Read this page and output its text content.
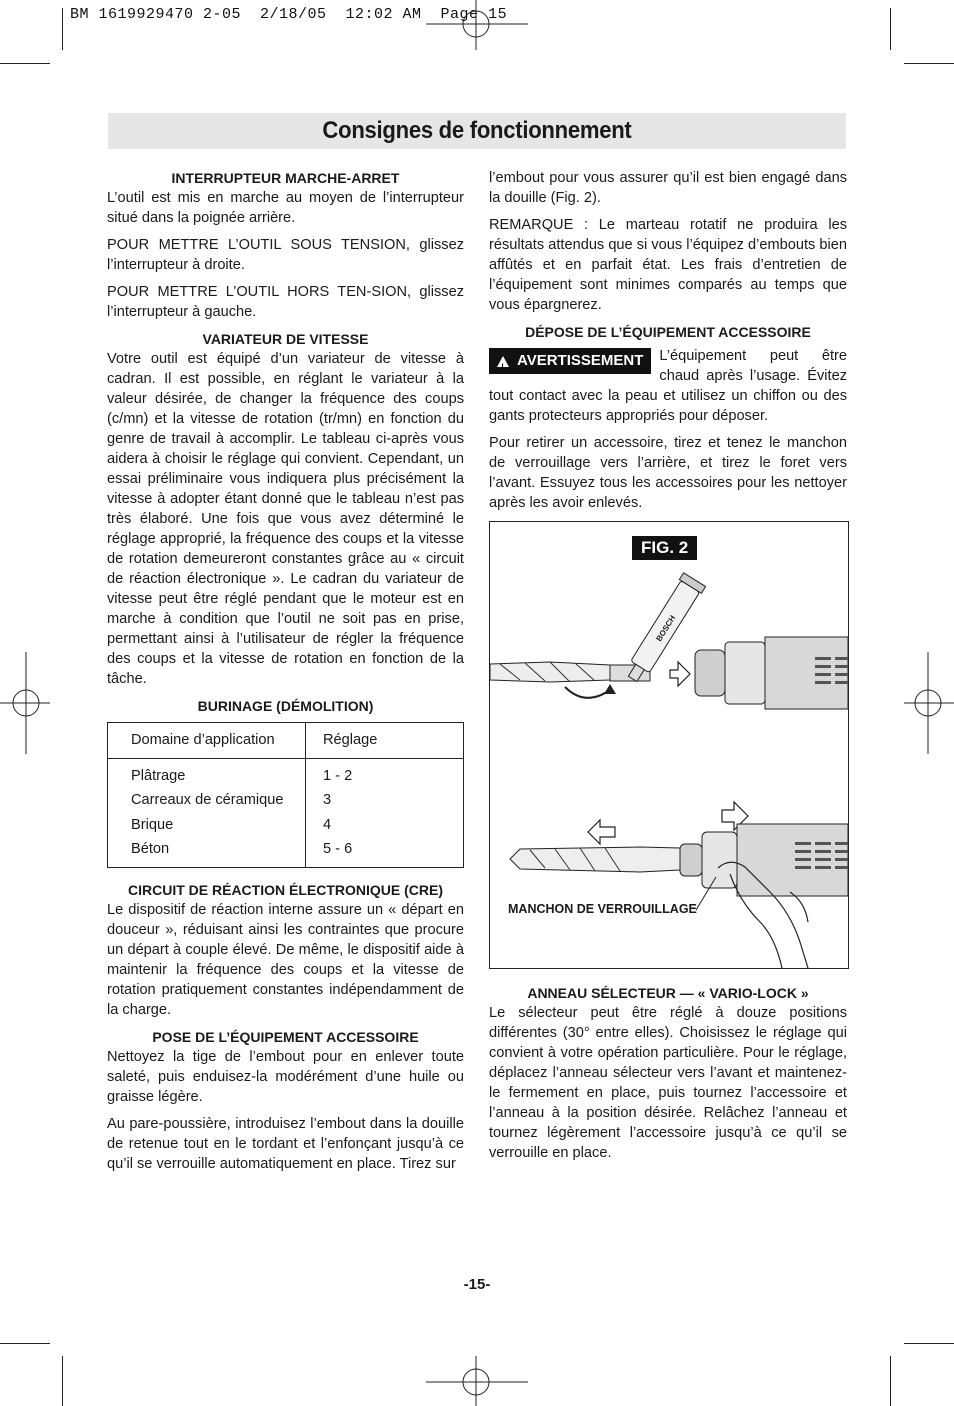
BM 1619929470 2-05  2/18/05  12:02 AM  Page 15
Consignes de fonctionnement
INTERRUPTEUR MARCHE-ARRET

L’outil est mis en marche au moyen de l’interrupteur situé dans la poignée arrière.

POUR METTRE L’OUTIL SOUS TENSION, glissez l’interrupteur à droite.

POUR METTRE L’OUTIL HORS TEN-SION, glissez l’interrupteur à gauche.

VARIATEUR DE VITESSE

Votre outil est équipé d’un variateur de vitesse à cadran. Il est possible, en réglant le variateur à la valeur désirée, de changer la fréquence des coups (c/mn) et la vitesse de rotation (tr/mn) en fonction du genre de travail à accomplir. Le tableau ci-après vous aidera à choisir le réglage qui convient. Cependant, un essai préliminaire vous indiquera plus précisément la vitesse à adopter étant donné que le tableau n’est pas très élaboré. Une fois que vous avez déterminé le réglage approprié, la fréquence des coups et la vitesse de rotation demeureront constantes grâce au « circuit de réaction électronique ». Le cadran du variateur de vitesse peut être réglé pendant que le moteur est en marche à condition que l’outil ne soit pas en prise, permettant ainsi à l’utilisateur de régler la fréquence des coups et la vitesse de rotation en fonction de la tâche.

BURINAGE (DÉMOLITION)
Domaine d’application	Réglage
Plâtrage	1 - 2
Carreaux de céramique	3
Brique	4
Béton	5 - 6
CIRCUIT DE RÉACTION ÉLECTRONIQUE (CRE)

Le dispositif de réaction interne assure un « départ en douceur », réduisant ainsi les contraintes que procure un départ à couple élevé. De même, le dispositif aide à maintenir la fréquence des coups et la vitesse de rotation pratiquement constantes indépendamment de la charge.

POSE DE L’ÉQUIPEMENT ACCESSOIRE

Nettoyez la tige de l’embout pour en enlever toute saleté, puis enduisez-la modérément d’une huile ou graisse légère.

Au pare-poussière, introduisez l’embout dans la douille de retenue tout en le tordant et l’enfonçant jusqu’à ce qu’il se verrouille automatiquement en place. Tirez sur

l’embout pour vous assurer qu’il est bien engagé dans la douille (Fig. 2).

REMARQUE : Le marteau rotatif ne produira les résultats attendus que si vous l’équipez d’embouts bien affûtés et en parfait état. Les frais d’entretien de l’équipement sont minimes comparés au temps que vous épargnerez.

DÉPOSE DE L’ÉQUIPEMENT ACCESSOIRE

!
AVERTISSEMENT L’équipement peut être chaud après l’usage. Évitez tout contact avec la peau et utilisez un chiffon ou des gants protecteurs appropriés pour déposer.

Pour retirer un accessoire, tirez et tenez le manchon de verrouillage vers l’arrière, et tirez le foret vers l’avant. Essuyez tous les accessoires pour les nettoyer après les avoir enlevés.

BOSCH
FIG. 2
MANCHON DE VERROUILLAGE
ANNEAU SÉLECTEUR — « VARIO-LOCK »

Le sélecteur peut être réglé à douze positions différentes (30° entre elles). Choisissez le réglage qui convient à votre opération particulière. Pour le réglage, déplacez l’anneau sélecteur vers l’avant et maintenez-le fermement en place, puis tournez l’accessoire et l’anneau à la position désirée. Relâchez l’anneau et tournez légèrement l’accessoire jusqu’à ce qu’il se verrouille en place.

-15-
